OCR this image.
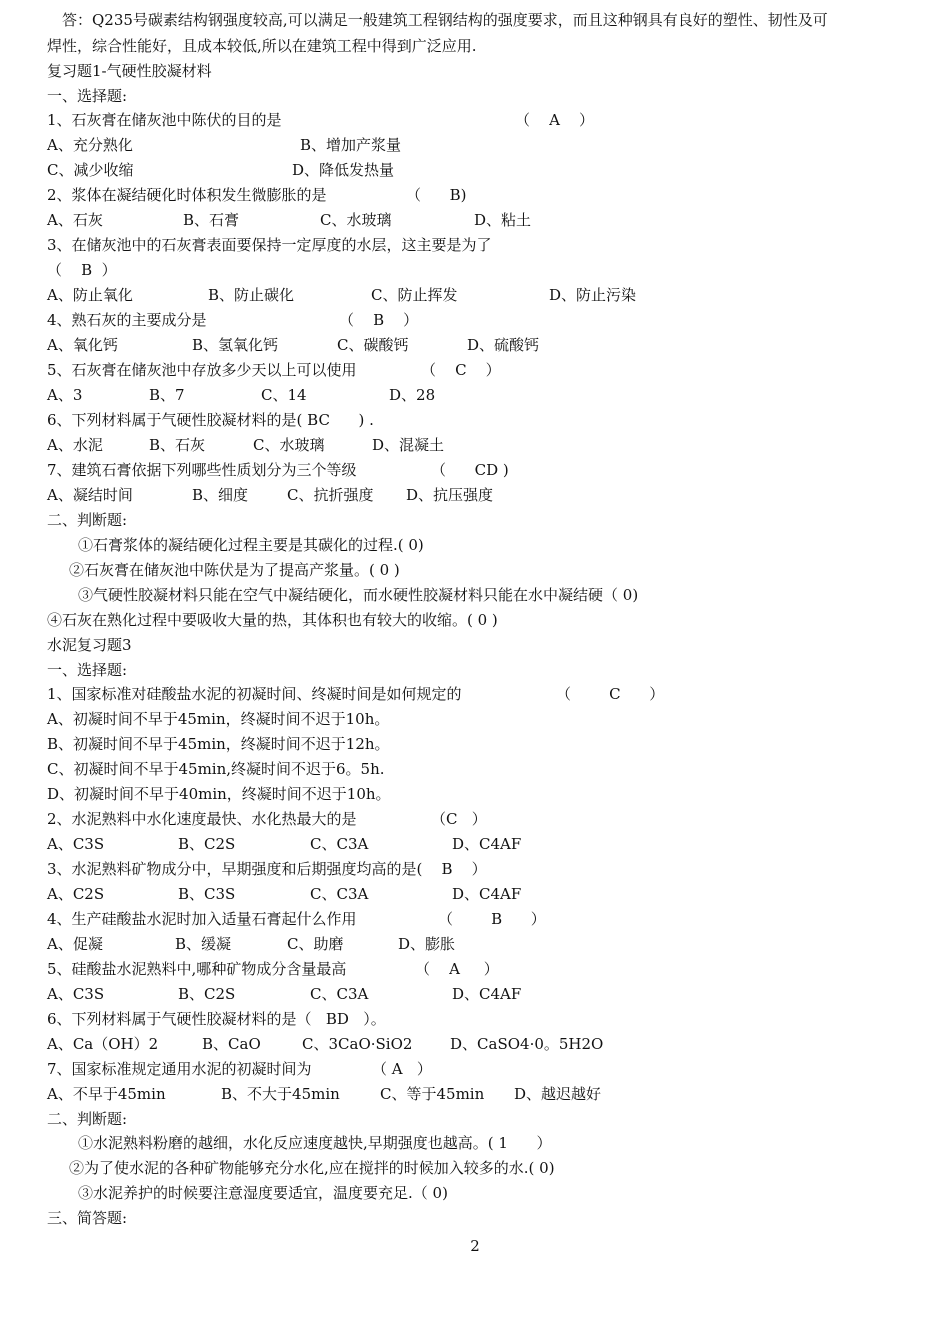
答：Q235号碳素结构钢强度较高,可以满足一般建筑工程钢结构的强度要求，而且这种钢具有良好的塑性、韧性及可
焊性，综合性能好，且成本较低,所以在建筑工程中得到广泛应用.
复习题1-气硬性胶凝材料
一、选择题:
1、石灰膏在储灰池中陈伏的目的是	（    A    ）
A、充分熟化	B、增加产浆量
C、减少收缩	D、降低发热量
2、浆体在凝结硬化时体积发生微膨胀的是	（      B)
A、石灰	B、石膏	C、水玻璃	D、粘土
3、在储灰池中的石灰膏表面要保持一定厚度的水层，这主要是为了
（    B  ）
A、防止氧化	B、防止碳化	C、防止挥发	D、防止污染
4、熟石灰的主要成分是	（    B    ）
A、氧化钙	B、氢氧化钙	C、碳酸钙	D、硫酸钙
5、石灰膏在储灰池中存放多少天以上可以使用	（    C    ）
A、3	B、7	C、14	D、28
6、下列材料属于气硬性胶凝材料的是( BC      ) .
A、水泥	B、石灰	C、水玻璃	D、混凝土
7、建筑石膏依据下列哪些性质划分为三个等级	（      CD )
A、凝结时间	B、细度	C、抗折强度 D、抗压强度
二、判断题:
①石膏浆体的凝结硬化过程主要是其碳化的过程.( 0)
②石灰膏在储灰池中陈伏是为了提高产浆量。( 0 )
③气硬性胶凝材料只能在空气中凝结硬化，而水硬性胶凝材料只能在水中凝结硬（ 0)
④石灰在熟化过程中要吸收大量的热，其体积也有较大的收缩。( 0 )
水泥复习题3
一、选择题:
1、国家标准对硅酸盐水泥的初凝时间、终凝时间是如何规定的	（        C      ）
A、初凝时间不早于45min，终凝时间不迟于10h。
B、初凝时间不早于45min，终凝时间不迟于12h。
C、初凝时间不早于45min,终凝时间不迟于6。5h.
D、初凝时间不早于40min，终凝时间不迟于10h。
2、水泥熟料中水化速度最快、水化热最大的是	（C   ）
A、C3S	B、C2S	C、C3A	D、C4AF
3、水泥熟料矿物成分中，早期强度和后期强度均高的是(    B    ）
A、C2S	B、C3S	C、C3A	D、C4AF
4、生产硅酸盐水泥时加入适量石膏起什么作用	（        B      ）
A、促凝	B、缓凝	C、助磨	D、膨胀
5、硅酸盐水泥熟料中,哪种矿物成分含量最高	（    A     ）
A、C3S	B、C2S	C、C3A	D、C4AF
6、下列材料属于气硬性胶凝材料的是（   BD   ）。
A、Ca（OH）2	B、CaO	C、3CaO·SiO2	D、CaSO4·0。5H2O
7、国家标准规定通用水泥的初凝时间为	（ A   ）
A、不早于45min	B、不大于45min	C、等于45min D、越迟越好
二、判断题:
①水泥熟料粉磨的越细，水化反应速度越快,早期强度也越高。( 1      ）
②为了使水泥的各种矿物能够充分水化,应在搅拌的时候加入较多的水.( 0)
③水泥养护的时候要注意湿度要适宜，温度要充足.（ 0)
三、简答题:
2
